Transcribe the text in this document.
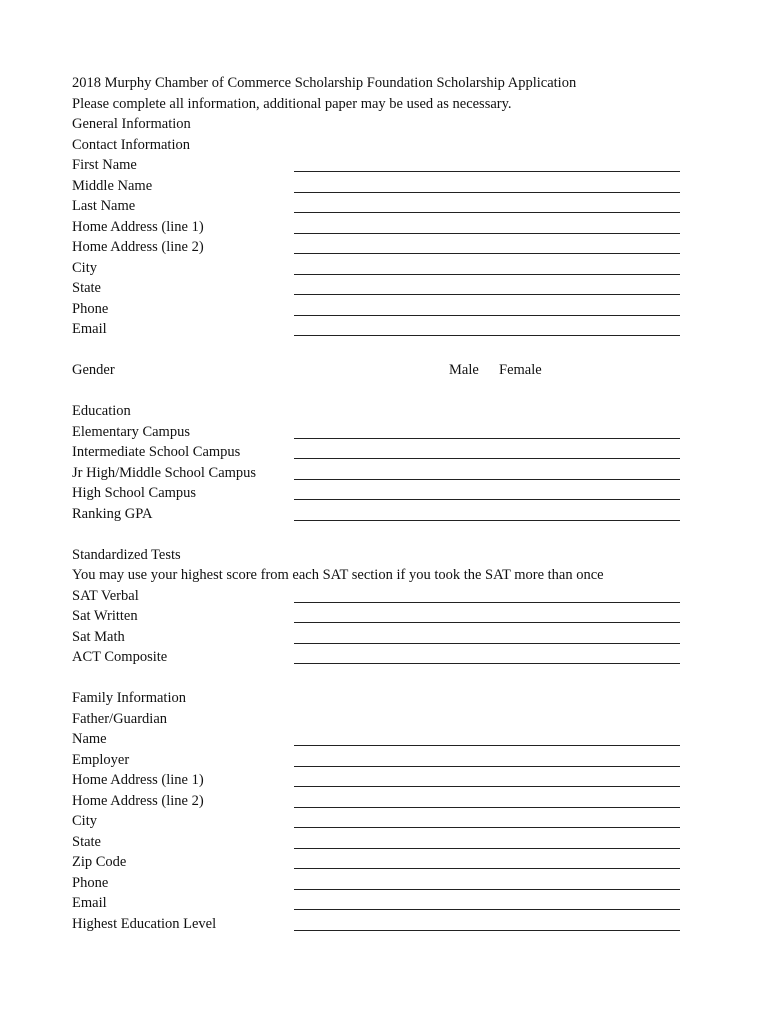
2018 Murphy Chamber of Commerce Scholarship Foundation Scholarship Application
Please complete all information, additional paper may be used as necessary.
General Information
Contact Information
First Name
Middle Name
Last Name
Home Address (line 1)
Home Address (line 2)
City
State
Phone
Email
Gender	Male Female
Education
Elementary Campus
Intermediate School Campus
Jr High/Middle School Campus
High School Campus
Ranking GPA
Standardized Tests
You may use your highest score from each SAT section if you took the SAT more than once
SAT Verbal
Sat Written
Sat Math
ACT Composite
Family Information
Father/Guardian
Name
Employer
Home Address (line 1)
Home Address (line 2)
City
State
Zip Code
Phone
Email
Highest Education Level
